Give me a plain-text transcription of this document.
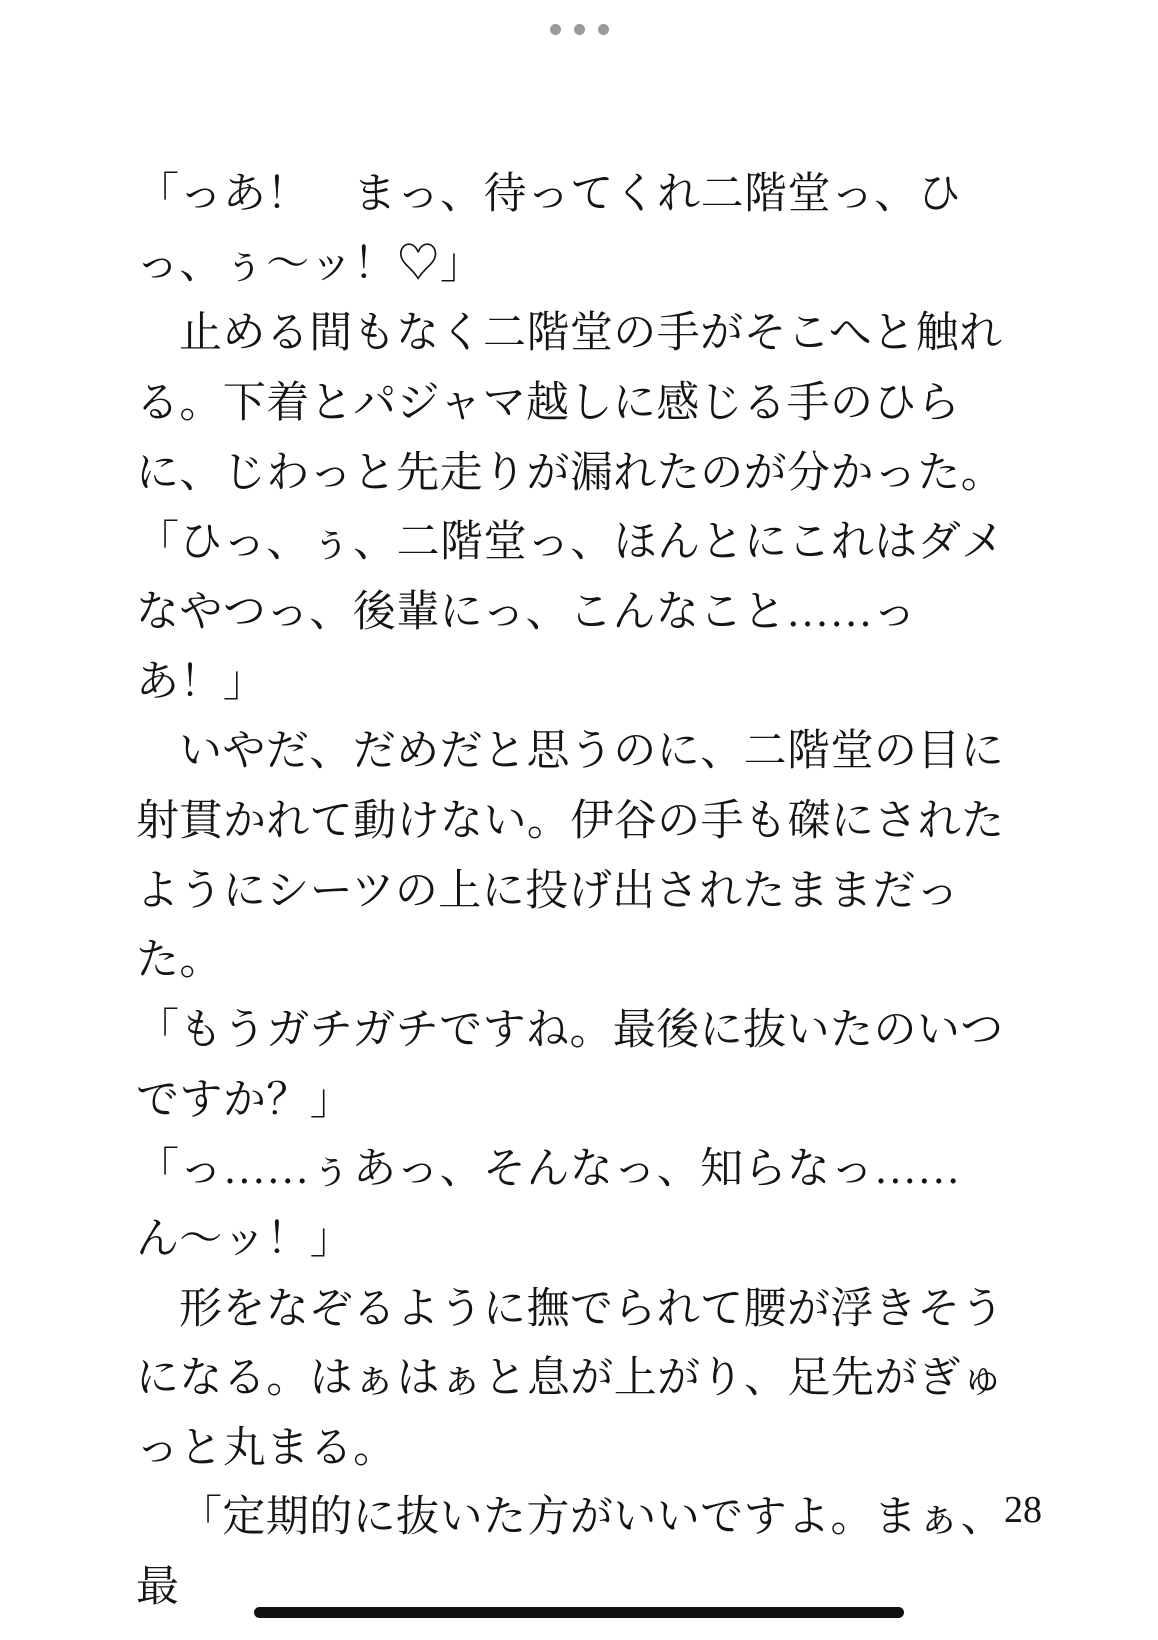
「っあ！　まっ、待ってくれ二階堂っ、ひっ、ぅ〜ッ！♡」

止める間もなく二階堂の手がそこへと触れる。下着とパジャマ越しに感じる手のひらに、じわっと先走りが漏れたのが分かった。

「ひっ、ぅ、二階堂っ、ほんとにこれはダメなやつっ、後輩にっ、こんなこと……っあ！」

いやだ、だめだと思うのに、二階堂の目に射貫かれて動けない。伊谷の手も磔にされたようにシーツの上に投げ出されたままだった。

「もうガチガチですね。最後に抜いたのいつですか？」

「っ……ぅあっ、そんなっ、知らなっ……ん〜ッ！」

形をなぞるように撫でられて腰が浮きそうになる。はぁはぁと息が上がり、足先がぎゅっと丸まる。

「定期的に抜いた方がいいですよ。まぁ、最

28
